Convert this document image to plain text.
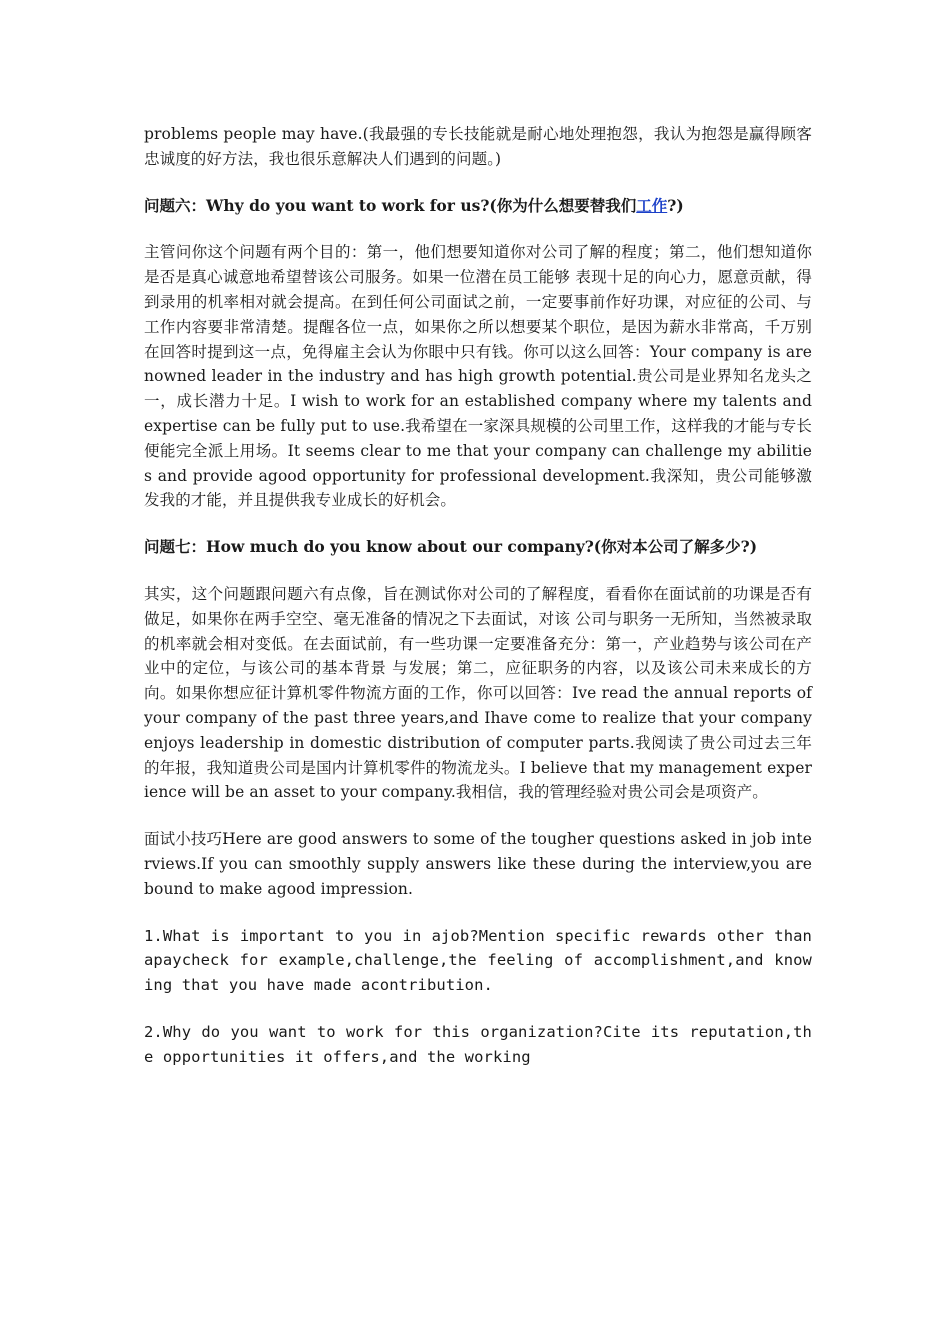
problems people may have.(我最强的专长技能就是耐心地处理抱怨，我认为抱怨是赢得顾客忠诚度的好方法，我也很乐意解决人们遇到的问题。)

问题六：Why do you want to work for us?(你为什么想要替我们工作?)

主管问你这个问题有两个目的：第一，他们想要知道你对公司了解的程度；第二，他们想知道你是否是真心诚意地希望替该公司服务。如果一位潜在员工能够 表现十足的向心力，愿意贡献，得到录用的机率相对就会提高。在到任何公司面试之前，一定要事前作好功课，对应征的公司、与工作内容要非常清楚。提醒各位一点，如果你之所以想要某个职位，是因为薪水非常高，千万别在回答时提到这一点，免得雇主会认为你眼中只有钱。你可以这么回答：Your company is arenowned leader in the industry and has high growth potential.贵公司是业界知名龙头之一，成长潜力十足。I wish to work for an established company where my talents and expertise can be fully put to use.我希望在一家深具规模的公司里工作，这样我的才能与专长便能完全派上用场。It seems clear to me that your company can challenge my abilities and provide agood opportunity for professional development.我深知，贵公司能够激发我的才能，并且提供我专业成长的好机会。

问题七：How much do you know about our company?(你对本公司了解多少?)

其实，这个问题跟问题六有点像，旨在测试你对公司的了解程度，看看你在面试前的功课是否有做足，如果你在两手空空、毫无准备的情况之下去面试，对该 公司与职务一无所知，当然被录取的机率就会相对变低。在去面试前，有一些功课一定要准备充分：第一，产业趋势与该公司在产业中的定位，与该公司的基本背景 与发展；第二，应征职务的内容，以及该公司未来成长的方向。如果你想应征计算机零件物流方面的工作，你可以回答：Ive read the annual reports of your company of the past three years,and Ihave come to realize that your company enjoys leadership in domestic distribution of computer parts.我阅读了贵公司过去三年的年报，我知道贵公司是国内计算机零件的物流龙头。I believe that my management experience will be an asset to your company.我相信，我的管理经验对贵公司会是项资产。

面试小技巧Here are good answers to some of the tougher questions asked in job interviews.If you can smoothly supply answers like these during the interview,you are bound to make agood impression.

1.What is important to you in ajob?Mention specific rewards other than apaycheck for example,challenge,the feeling of accomplishment,and knowing that you have made acontribution.

2.Why do you want to work for this organization?Cite its reputation,the opportunities it offers,and the working
